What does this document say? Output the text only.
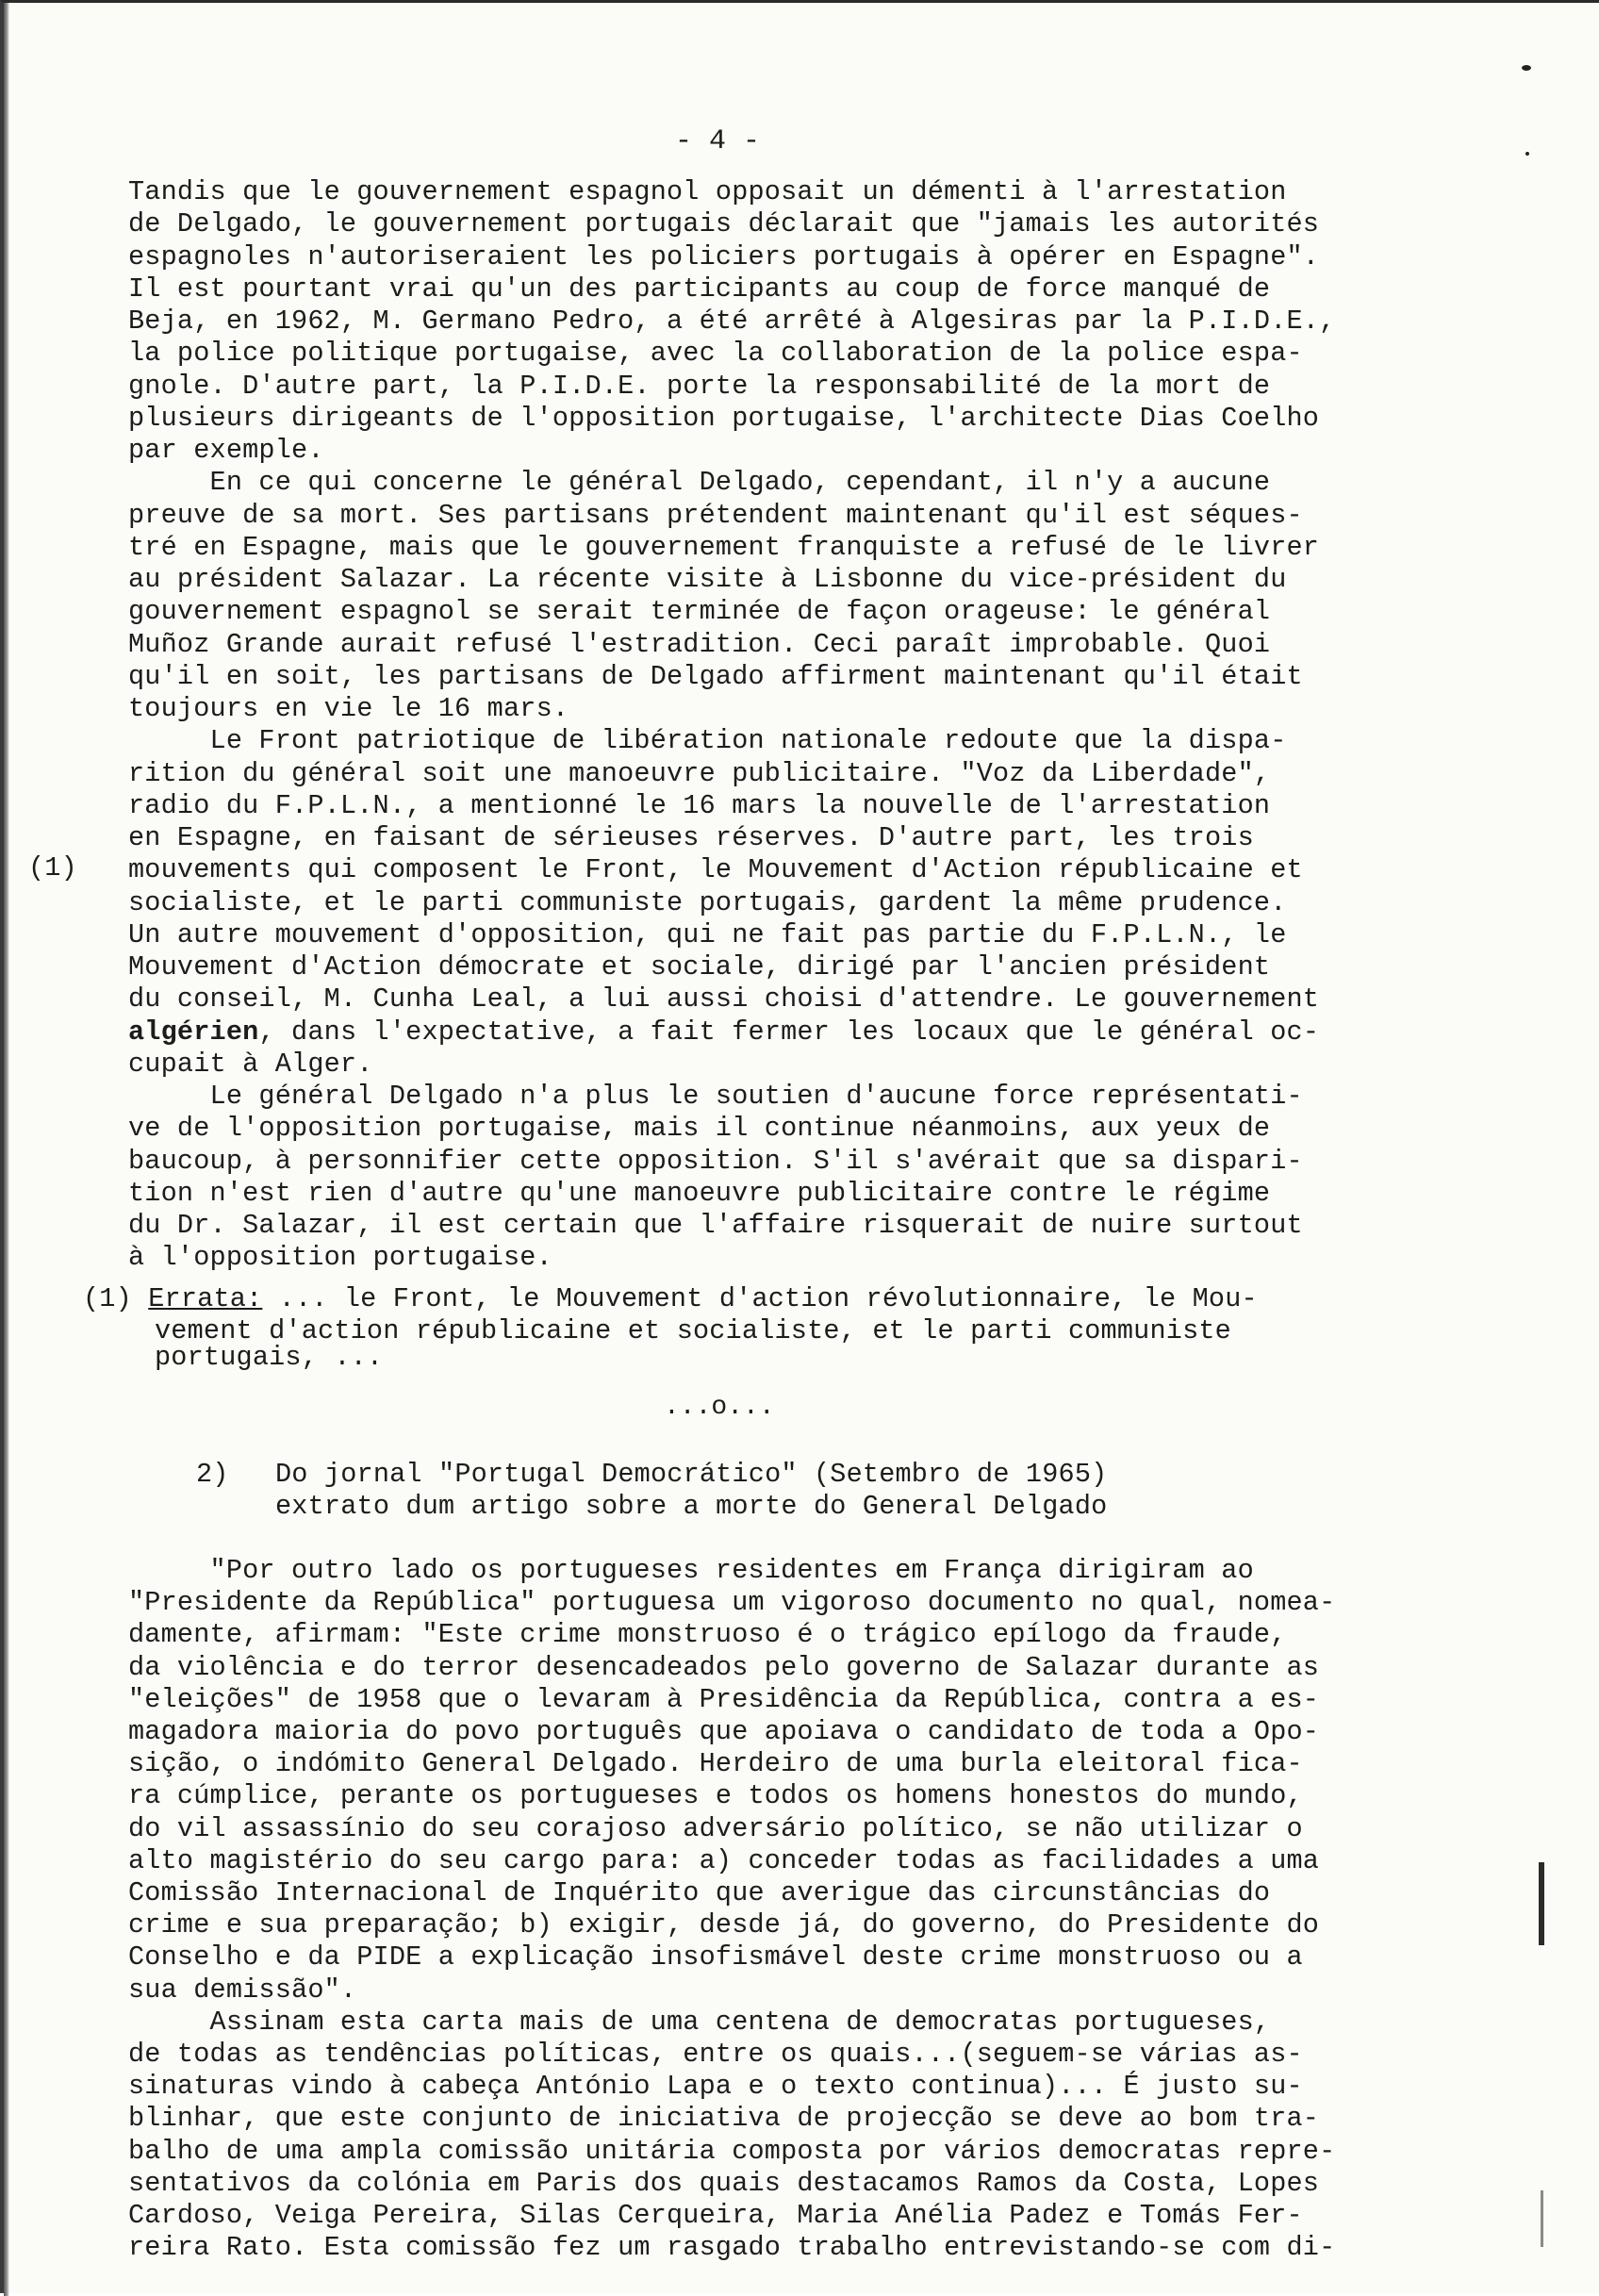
- 4 -
Tandis que le gouvernement espagnol opposait un démenti à l'arrestation
de Delgado, le gouvernement portugais déclarait que "jamais les autorités
espagnoles n'autoriseraient les policiers portugais à opérer en Espagne".
Il est pourtant vrai qu'un des participants au coup de force manqué de
Beja, en 1962, M. Germano Pedro, a été arrêté à Algesiras par la P.I.D.E.,
la police politique portugaise, avec la collaboration de la police espa-
gnole. D'autre part, la P.I.D.E. porte la responsabilité de la mort de
plusieurs dirigeants de l'opposition portugaise, l'architecte Dias Coelho
par exemple.
En ce qui concerne le général Delgado, cependant, il n'y a aucune
preuve de sa mort. Ses partisans prétendent maintenant qu'il est séques-
tré en Espagne, mais que le gouvernement franquiste a refusé de le livrer
au président Salazar. La récente visite à Lisbonne du vice-président du
gouvernement espagnol se serait terminée de façon orageuse: le général
Muñoz Grande aurait refusé l'estradition. Ceci paraît improbable. Quoi
qu'il en soit, les partisans de Delgado affirment maintenant qu'il était
toujours en vie le 16 mars.
Le Front patriotique de libération nationale redoute que la dispa-
rition du général soit une manoeuvre publicitaire. "Voz da Liberdade",
radio du F.P.L.N., a mentionné le 16 mars la nouvelle de l'arrestation
en Espagne, en faisant de sérieuses réserves. D'autre part, les trois
mouvements qui composent le Front, le Mouvement d'Action républicaine et
socialiste, et le parti communiste portugais, gardent la même prudence.
Un autre mouvement d'opposition, qui ne fait pas partie du F.P.L.N., le
Mouvement d'Action démocrate et sociale, dirigé par l'ancien président
du conseil, M. Cunha Leal, a lui aussi choisi d'attendre. Le gouvernement
algérien, dans l'expectative, a fait fermer les locaux que le général oc-
cupait à Alger.
Le général Delgado n'a plus le soutien d'aucune force représentati-
ve de l'opposition portugaise, mais il continue néanmoins, aux yeux de
baucoup, à personnifier cette opposition. S'il s'avérait que sa dispari-
tion n'est rien d'autre qu'une manoeuvre publicitaire contre le régime
du Dr. Salazar, il est certain que l'affaire risquerait de nuire surtout
à l'opposition portugaise.
(1)
(1) Errata: ... le Front, le Mouvement d'action révolutionnaire, le Mou-
vement d'action républicaine et socialiste, et le parti communiste
portugais, ...
...o...
2) Do jornal "Portugal Democrático" (Setembro de 1965)
extrato dum artigo sobre a morte do General Delgado
"Por outro lado os portugueses residentes em França dirigiram ao
"Presidente da República" portuguesa um vigoroso documento no qual, nomea-
damente, afirmam: "Este crime monstruoso é o trágico epílogo da fraude,
da violência e do terror desencadeados pelo governo de Salazar durante as
"eleições" de 1958 que o levaram à Presidência da República, contra a es-
magadora maioria do povo português que apoiava o candidato de toda a Opo-
sição, o indómito General Delgado. Herdeiro de uma burla eleitoral fica-
ra cúmplice, perante os portugueses e todos os homens honestos do mundo,
do vil assassínio do seu corajoso adversário político, se não utilizar o
alto magistério do seu cargo para: a) conceder todas as facilidades a uma
Comissão Internacional de Inquérito que averigue das circunstâncias do
crime e sua preparação; b) exigir, desde já, do governo, do Presidente do
Conselho e da PIDE a explicação insofismável deste crime monstruoso ou a
sua demissão".
Assinam esta carta mais de uma centena de democratas portugueses,
de todas as tendências políticas, entre os quais...(seguem-se várias as-
sinaturas vindo à cabeça António Lapa e o texto continua)... É justo su-
blinhar, que este conjunto de iniciativa de projecção se deve ao bom tra-
balho de uma ampla comissão unitária composta por vários democratas repre-
sentativos da colónia em Paris dos quais destacamos Ramos da Costa, Lopes
Cardoso, Veiga Pereira, Silas Cerqueira, Maria Anélia Padez e Tomás Fer-
reira Rato. Esta comissão fez um rasgado trabalho entrevistando-se com di-
